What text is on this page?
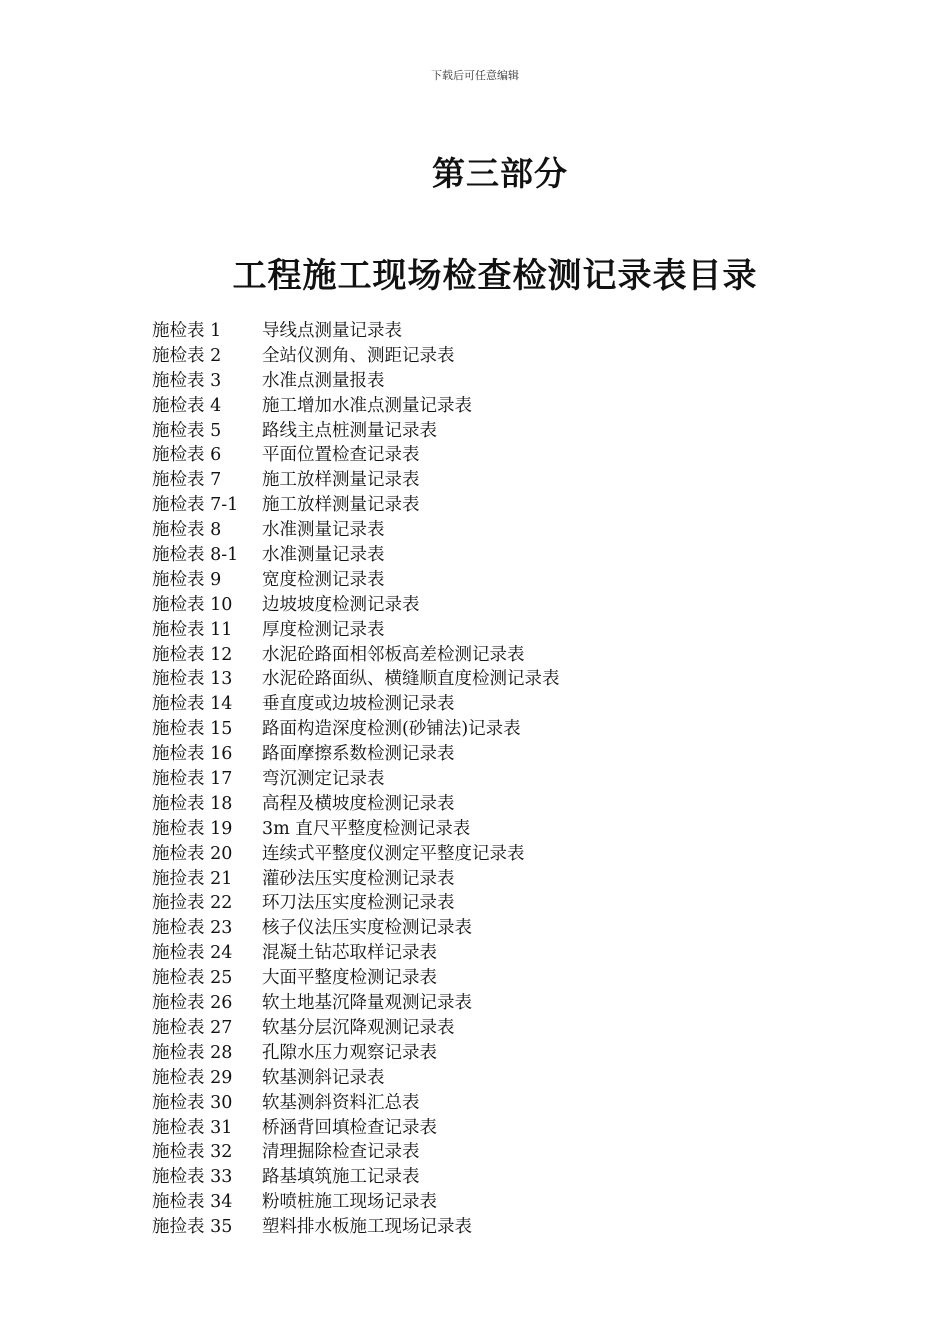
下载后可任意编辑
第三部分
工程施工现场检查检测记录表目录
施检表 1	导线点测量记录表
施检表 2	全站仪测角、测距记录表
施检表 3	水准点测量报表
施检表 4	施工增加水准点测量记录表
施检表 5	路线主点桩测量记录表
施检表 6	平面位置检查记录表
施检表 7	施工放样测量记录表
施检表 7-1	施工放样测量记录表
施检表 8	水准测量记录表
施检表 8-1	水准测量记录表
施检表 9	宽度检测记录表
施检表 10	边坡坡度检测记录表
施检表 11	厚度检测记录表
施检表 12	水泥砼路面相邻板高差检测记录表
施检表 13	水泥砼路面纵、横缝顺直度检测记录表
施检表 14	垂直度或边坡检测记录表
施检表 15	路面构造深度检测(砂铺法)记录表
施检表 16	路面摩擦系数检测记录表
施检表 17	弯沉测定记录表
施检表 18	高程及横坡度检测记录表
施检表 19	3m 直尺平整度检测记录表
施检表 20	连续式平整度仪测定平整度记录表
施捡表 21	灌砂法压实度检测记录表
施捡表 22	环刀法压实度检测记录表
施检表 23	核子仪法压实度检测记录表
施检表 24	混凝土钻芯取样记录表
施检表 25	大面平整度检测记录表
施检表 26	软土地基沉降量观测记录表
施检表 27	软基分层沉降观测记录表
施检表 28	孔隙水压力观察记录表
施检表 29	软基测斜记录表
施检表 30	软基测斜资料汇总表
施检表 31	桥涵背回填检查记录表
施检表 32	清理掘除检查记录表
施检表 33	路基填筑施工记录表
施检表 34	粉喷桩施工现场记录表
施捡表 35	塑料排水板施工现场记录表
